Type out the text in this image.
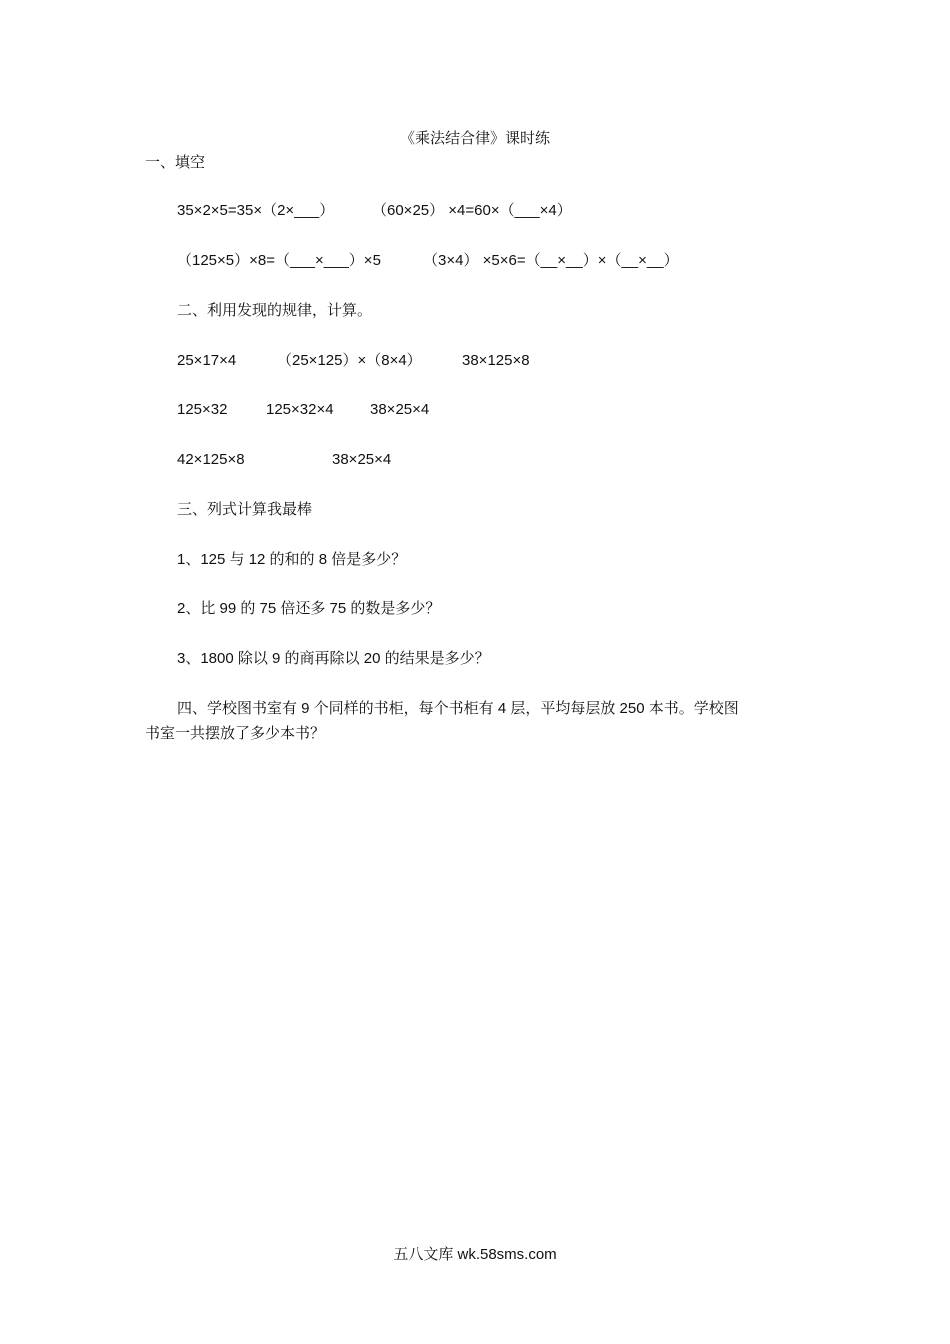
《乘法结合律》课时练
一、填空
35×2×5=35×（2×___）	（60×25） ×4=60×（___×4）
（125×5）×8=（___×___）×5	（3×4） ×5×6=（__×__）×（__×__）
二、利用发现的规律，计算。
25×17×4	（25×125）×（8×4）	38×125×8
125×32	125×32×4 38×25×4
42×125×8	38×25×4
三、列式计算我最棒
1、125 与 12 的和的 8 倍是多少？
2、比 99 的 75 倍还多 75 的数是多少？
3、1800 除以 9 的商再除以 20 的结果是多少？
四、学校图书室有 9 个同样的书柜，每个书柜有 4 层，平均每层放 250 本书。学校图
书室一共摆放了多少本书？
五八文库 wk.58sms.com
